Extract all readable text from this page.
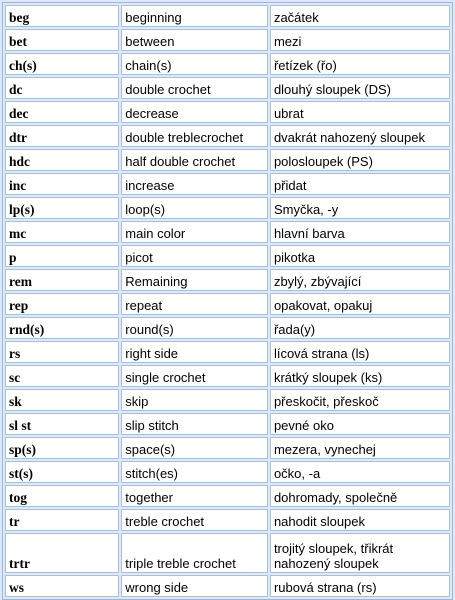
beg	beginning	začátek
bet	between	mezi
ch(s)	chain(s)	řetízek (řo)
dc	double crochet	dlouhý sloupek (DS)
dec	decrease	ubrat
dtr	double treblecrochet	dvakrát nahozený sloupek
hdc	half double crochet	polosloupek (PS)
inc	increase	přidat
lp(s)	loop(s)	Smyčka, -y
mc	main color	hlavní barva
p	picot	pikotka
rem	Remaining	zbylý, zbývající
rep	repeat	opakovat, opakuj
rnd(s)	round(s)	řada(y)
rs	right side	lícová strana (ls)
sc	single crochet	krátký sloupek (ks)
sk	skip	přeskočit, přeskoč
sl st	slip stitch	pevné oko
sp(s)	space(s)	mezera, vynechej
st(s)	stitch(es)	očko, -a
tog	together	dohromady, společně
tr	treble crochet	nahodit sloupek
trtr	triple treble crochet	trojitý sloupek, třikrát nahozený sloupek
ws	wrong side	rubová strana (rs)
